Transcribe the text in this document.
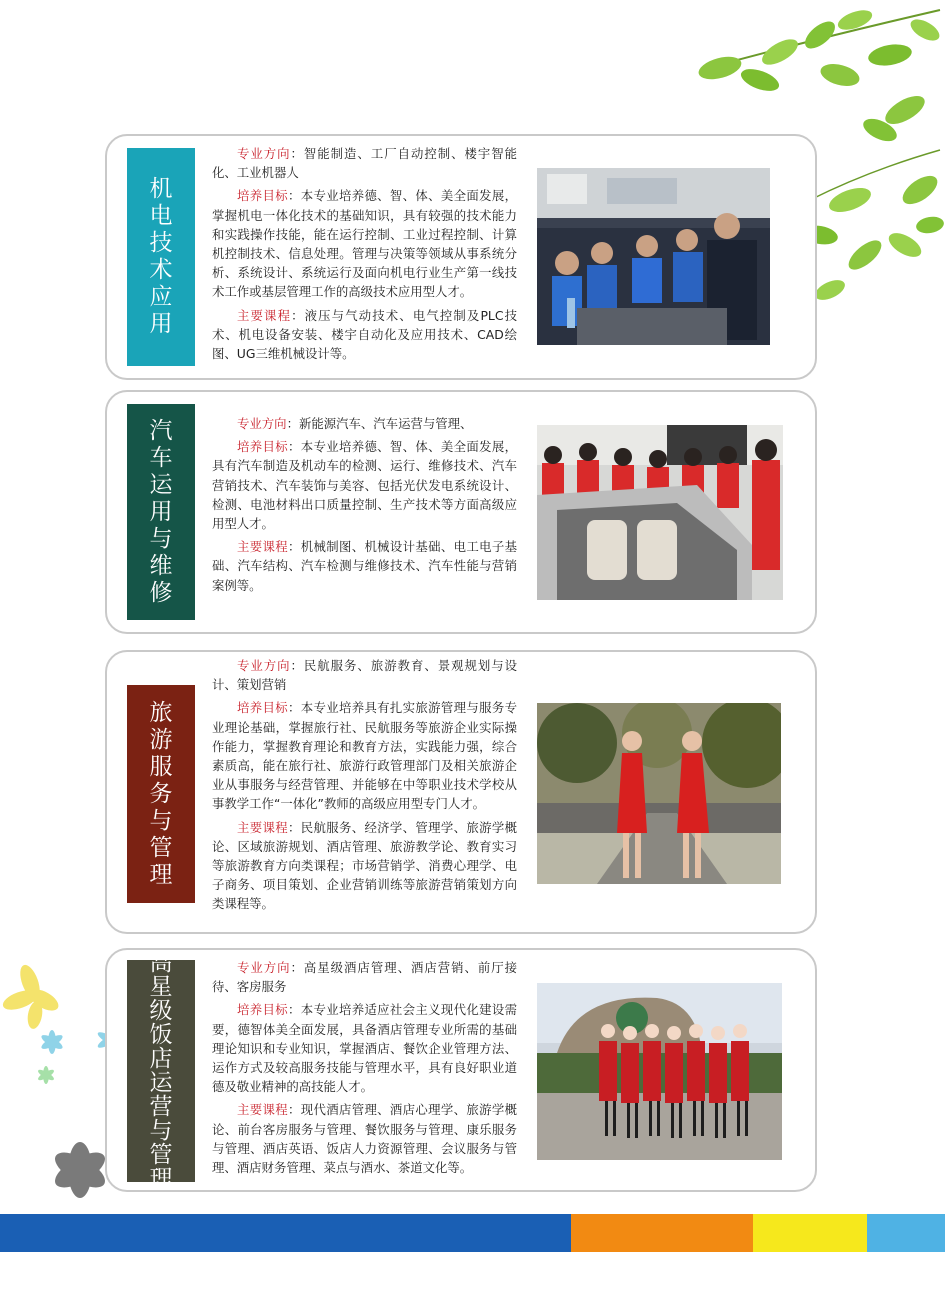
机电技术应用

专业方向：智能制造、工厂自动控制、楼宇智能化、工业机器人

培养目标：本专业培养德、智、体、美全面发展，掌握机电一体化技术的基础知识，具有较强的技术能力和实践操作技能，能在运行控制、工业过程控制、计算机控制技术、信息处理。管理与决策等领域从事系统分析、系统设计、系统运行及面向机电行业生产第一线技术工作或基层管理工作的高级技术应用型人才。

主要课程：液压与气动技术、电气控制及PLC技术、机电设备安装、楼宇自动化及应用技术、CAD绘图、UG三维机械设计等。

汽车运用与维修

专业方向：新能源汽车、汽车运营与管理、

培养目标：本专业培养德、智、体、美全面发展，具有汽车制造及机动车的检测、运行、维修技术、汽车营销技术、汽车装饰与美容、包括光伏发电系统设计、检测、电池材料出口质量控制、生产技术等方面高级应用型人才。

主要课程：机械制图、机械设计基础、电工电子基础、汽车结构、汽车检测与维修技术、汽车性能与营销案例等。

旅游服务与管理

专业方向：民航服务、旅游教育、景观规划与设计、策划营销

培养目标：本专业培养具有扎实旅游管理与服务专业理论基础，掌握旅行社、民航服务等旅游企业实际操作能力，掌握教育理论和教育方法，实践能力强，综合素质高，能在旅行社、旅游行政管理部门及相关旅游企业从事服务与经营管理、并能够在中等职业技术学校从事教学工作“一体化”教师的高级应用型专门人才。

主要课程：民航服务、经济学、管理学、旅游学概论、区域旅游规划、酒店管理、旅游教学论、教育实习等旅游教育方向类课程；市场营销学、消费心理学、电子商务、项目策划、企业营销训练等旅游营销策划方向类课程等。

高星级饭店运营与管理

专业方向：高星级酒店管理、酒店营销、前厅接待、客房服务

培养目标：本专业培养适应社会主义现代化建设需要，德智体美全面发展，具备酒店管理专业所需的基础理论知识和专业知识，掌握酒店、餐饮企业管理方法、运作方式及较高服务技能与管理水平，具有良好职业道德及敬业精神的高技能人才。

主要课程：现代酒店管理、酒店心理学、旅游学概论、前台客房服务与管理、餐饮服务与管理、康乐服务与管理、酒店英语、饭店人力资源管理、会议服务与管理、酒店财务管理、菜点与酒水、茶道文化等。
